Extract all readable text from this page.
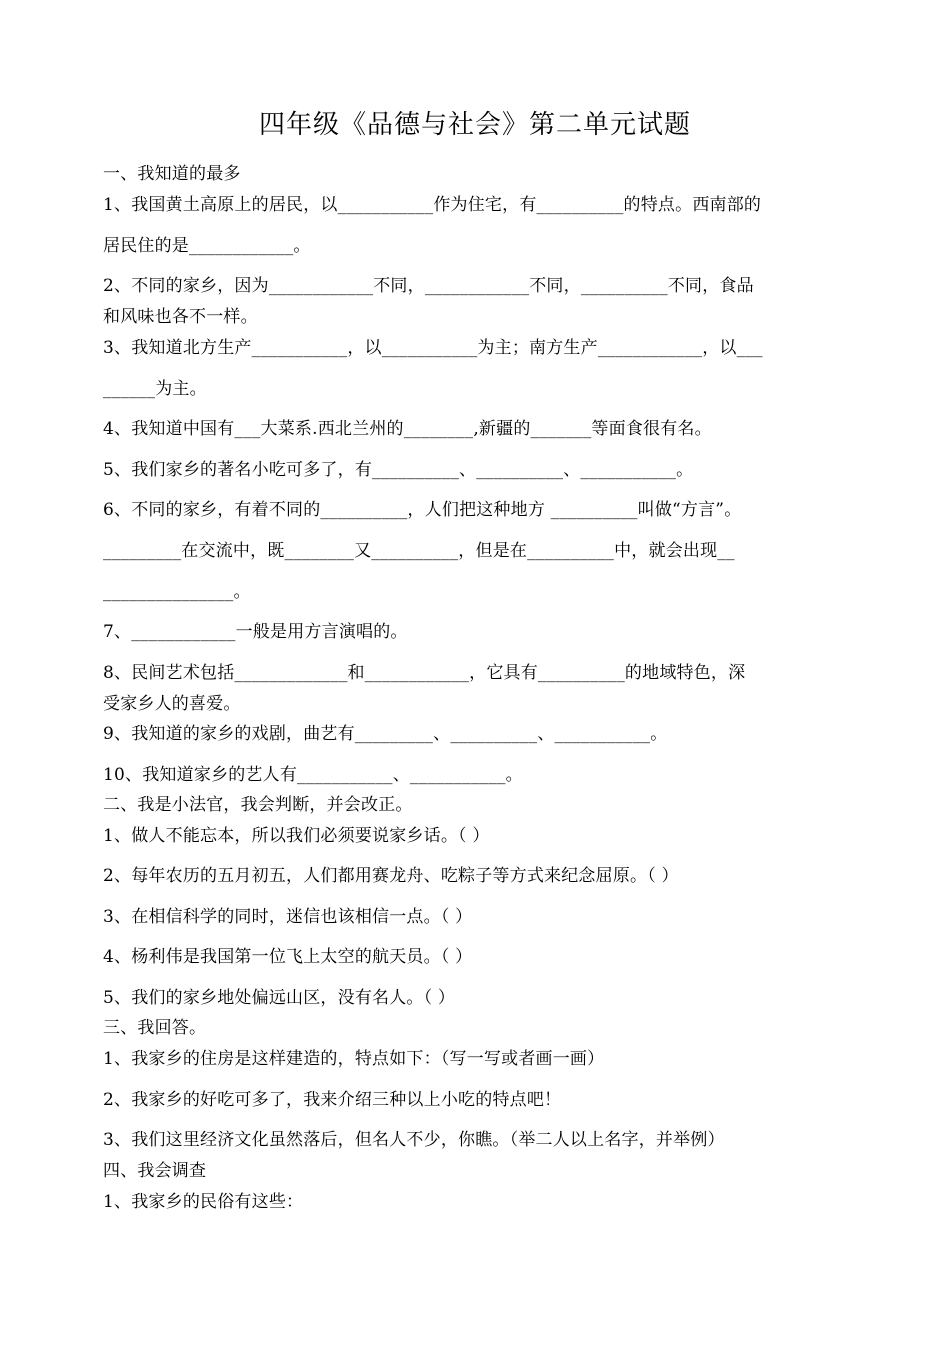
四年级《品德与社会》第二单元试题
一、我知道的最多
1、我国黄土高原上的居民，以___________作为住宅，有__________的特点。西南部的
居民住的是____________。
2、不同的家乡，因为____________不同，____________不同，__________不同，食品
和风味也各不一样。
3、我知道北方生产___________，以___________为主；南方生产____________，以___
______为主。
4、我知道中国有___大菜系.西北兰州的________,新疆的_______等面食很有名。
5、我们家乡的著名小吃可多了，有__________、__________、___________。
6、不同的家乡，有着不同的__________，人们把这种地方 __________叫做“方言”。
_________在交流中，既________又__________，但是在__________中，就会出现__
_______________。
7、____________一般是用方言演唱的。
8、民间艺术包括_____________和____________，它具有__________的地域特色，深
受家乡人的喜爱。
9、我知道的家乡的戏剧，曲艺有_________、__________、___________。
10、我知道家乡的艺人有___________、___________。
二、我是小法官，我会判断，并会改正。
1、做人不能忘本，所以我们必须要说家乡话。（ ）
2、每年农历的五月初五，人们都用赛龙舟、吃粽子等方式来纪念屈原。（ ）
3、在相信科学的同时，迷信也该相信一点。（ ）
4、杨利伟是我国第一位飞上太空的航天员。（ ）
5、我们的家乡地处偏远山区，没有名人。（ ）
三、我回答。
1、我家乡的住房是这样建造的，特点如下：（写一写或者画一画）
2、我家乡的好吃可多了，我来介绍三种以上小吃的特点吧！
3、我们这里经济文化虽然落后，但名人不少，你瞧。（举二人以上名字，并举例）
四、我会调查
1、我家乡的民俗有这些：
